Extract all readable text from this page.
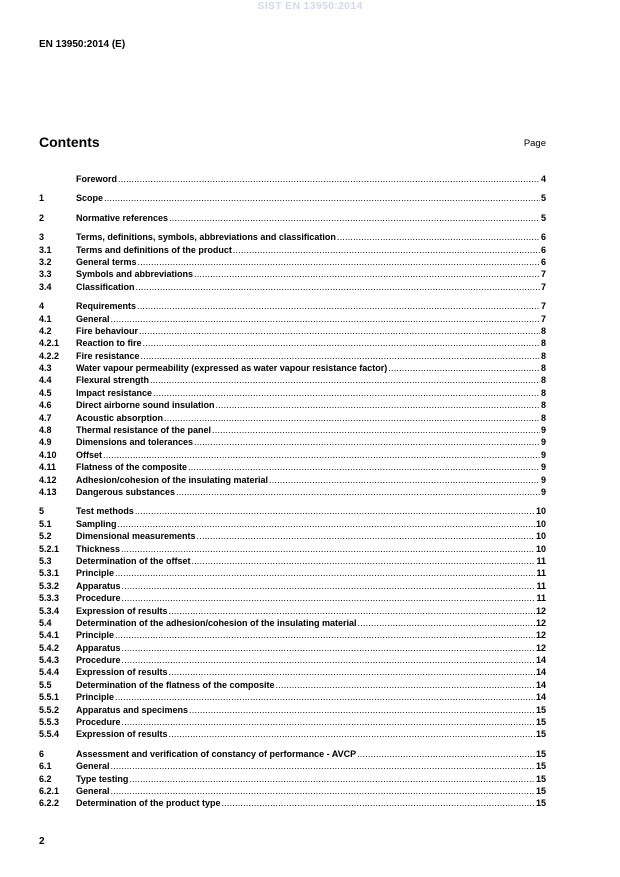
SIST EN 13950:2014
EN 13950:2014 (E)
Contents	Page
Foreword .....	4
1	Scope .....	5
2	Normative references .....	5
3	Terms, definitions, symbols, abbreviations and classification .....	6
3.1	Terms and definitions of the product .....	6
3.2	General terms .....	6
3.3	Symbols and abbreviations .....	7
3.4	Classification .....	7
4	Requirements .....	7
4.1	General .....	7
4.2	Fire behaviour .....	8
4.2.1	Reaction to fire .....	8
4.2.2	Fire resistance .....	8
4.3	Water vapour permeability (expressed as water vapour resistance factor) .....	8
4.4	Flexural strength .....	8
4.5	Impact resistance .....	8
4.6	Direct airborne sound insulation .....	8
4.7	Acoustic absorption .....	8
4.8	Thermal resistance of the panel .....	9
4.9	Dimensions and tolerances .....	9
4.10	Offset .....	9
4.11	Flatness of the composite .....	9
4.12	Adhesion/cohesion of the insulating material .....	9
4.13	Dangerous substances .....	9
5	Test methods .....	10
5.1	Sampling .....	10
5.2	Dimensional measurements .....	10
5.2.1	Thickness .....	10
5.3	Determination of the offset .....	11
5.3.1	Principle .....	11
5.3.2	Apparatus .....	11
5.3.3	Procedure .....	11
5.3.4	Expression of results .....	12
5.4	Determination of the adhesion/cohesion of the insulating material .....	12
5.4.1	Principle .....	12
5.4.2	Apparatus .....	12
5.4.3	Procedure .....	14
5.4.4	Expression of results .....	14
5.5	Determination of the flatness of the composite .....	14
5.5.1	Principle .....	14
5.5.2	Apparatus and specimens .....	15
5.5.3	Procedure .....	15
5.5.4	Expression of results .....	15
6	Assessment and verification of constancy of performance - AVCP .....	15
6.1	General .....	15
6.2	Type testing .....	15
6.2.1	General .....	15
6.2.2	Determination of the product type .....	15
2
